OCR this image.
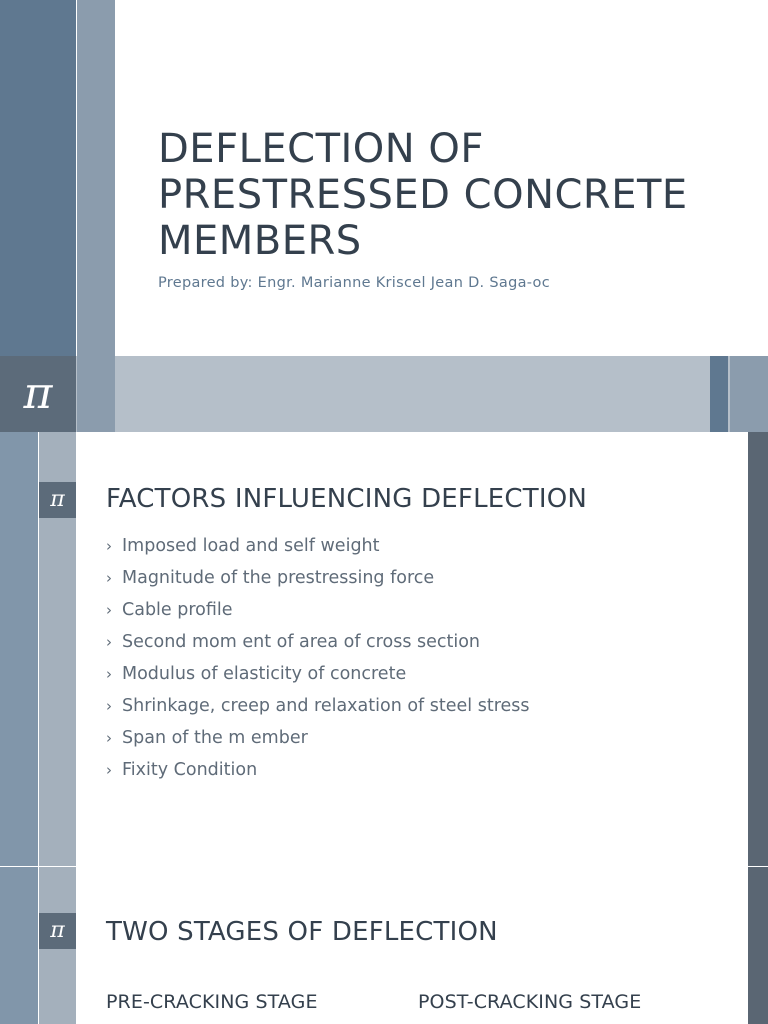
DEFLECTION OF PRESTRESSED CONCRETE MEMBERS
Prepared by: Engr. Marianne Kriscel Jean D. Saga-oc
π
π	FACTORS INFLUENCING DEFLECTION
› Imposed load and self weight
› Magnitude of the prestressing force
› Cable profile
› Second mom ent of area of cross section
› Modulus of elasticity of concrete
› Shrinkage, creep and relaxation of steel stress
› Span of the m ember
› Fixity Condition
π	TWO STAGES OF DEFLECTION
PRE-CRACKING STAGE	POST-CRACKING STAGE
